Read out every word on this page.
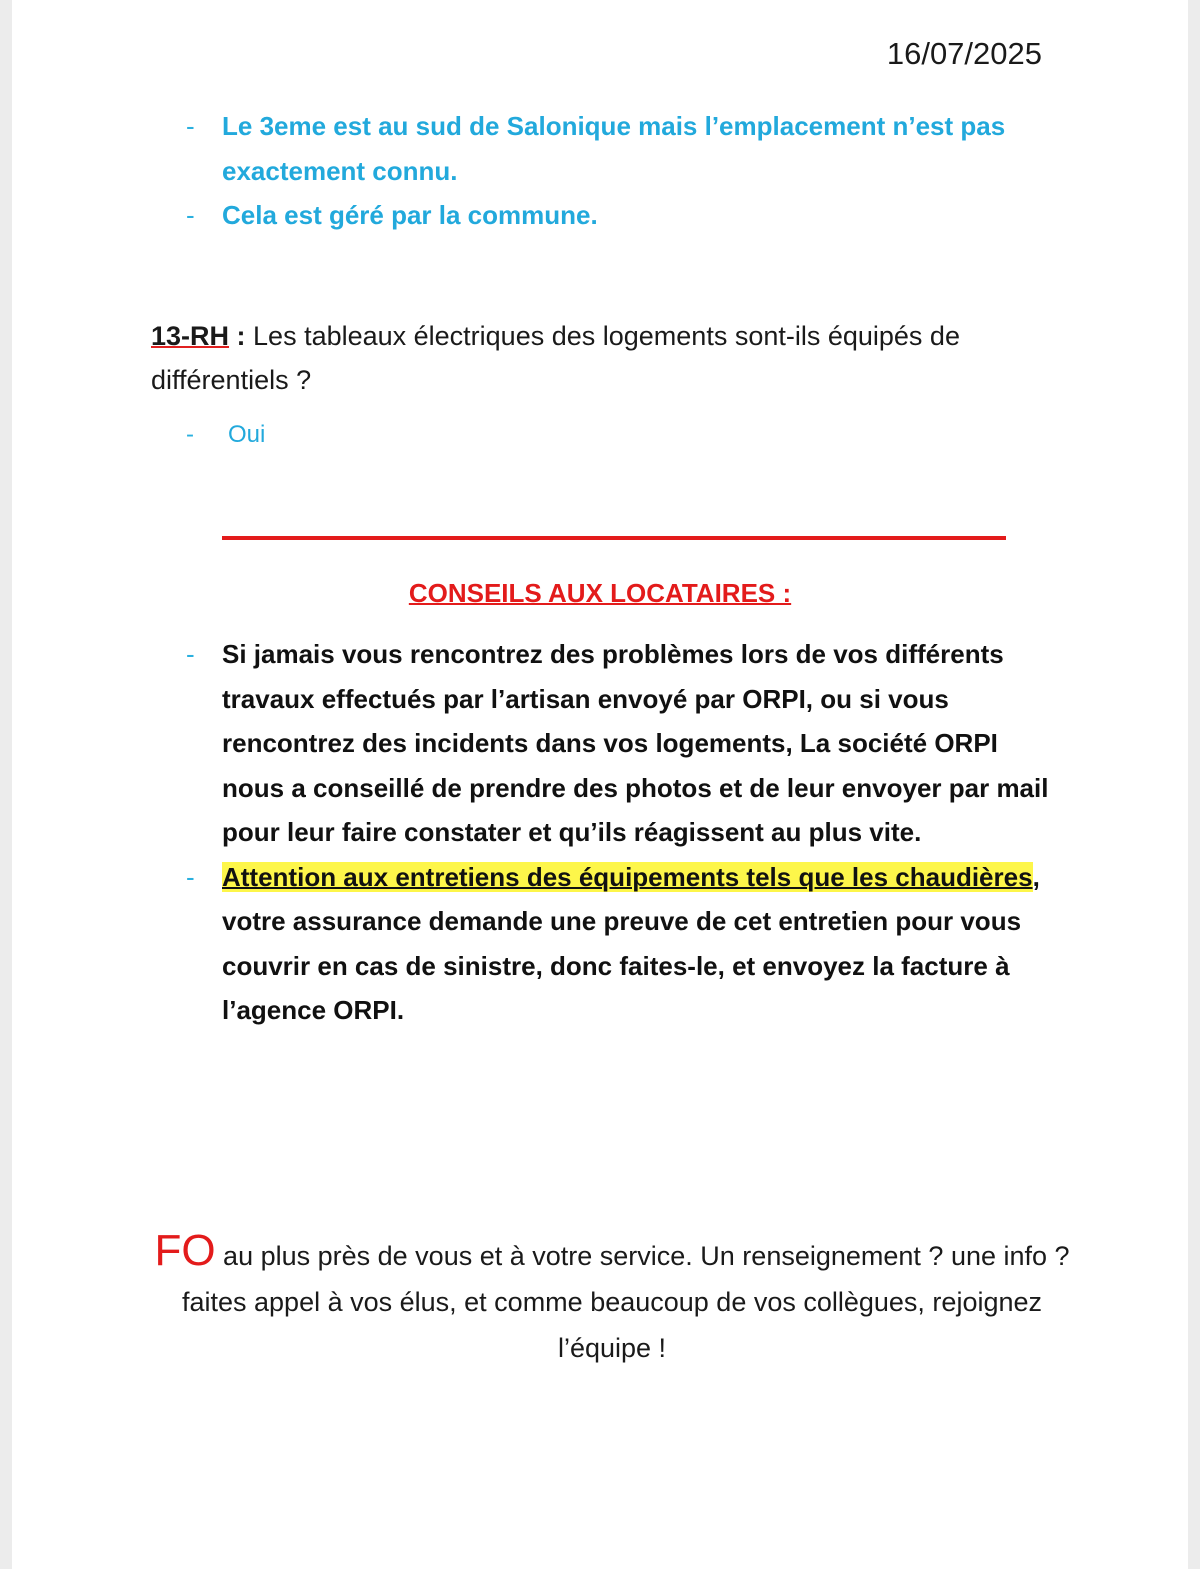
16/07/2025
- Le 3eme est au sud de Salonique mais l’emplacement n’est pas exactement connu.
- Cela est géré par la commune.
13-RH : Les tableaux électriques des logements sont-ils équipés de différentiels ?
- Oui
CONSEILS AUX LOCATAIRES :
- Si jamais vous rencontrez des problèmes lors de vos différents travaux effectués par l’artisan envoyé par ORPI, ou si vous rencontrez des incidents dans vos logements, La société ORPI nous a conseillé de prendre des photos et de leur envoyer par mail pour leur faire constater et qu’ils réagissent au plus vite.
- Attention aux entretiens des équipements tels que les chaudières, votre assurance demande une preuve de cet entretien pour vous couvrir en cas de sinistre, donc faites-le, et envoyez la facture à l’agence ORPI.
FO au plus près de vous et à votre service. Un renseignement ? une info ? faites appel à vos élus, et comme beaucoup de vos collègues, rejoignez l’équipe !
